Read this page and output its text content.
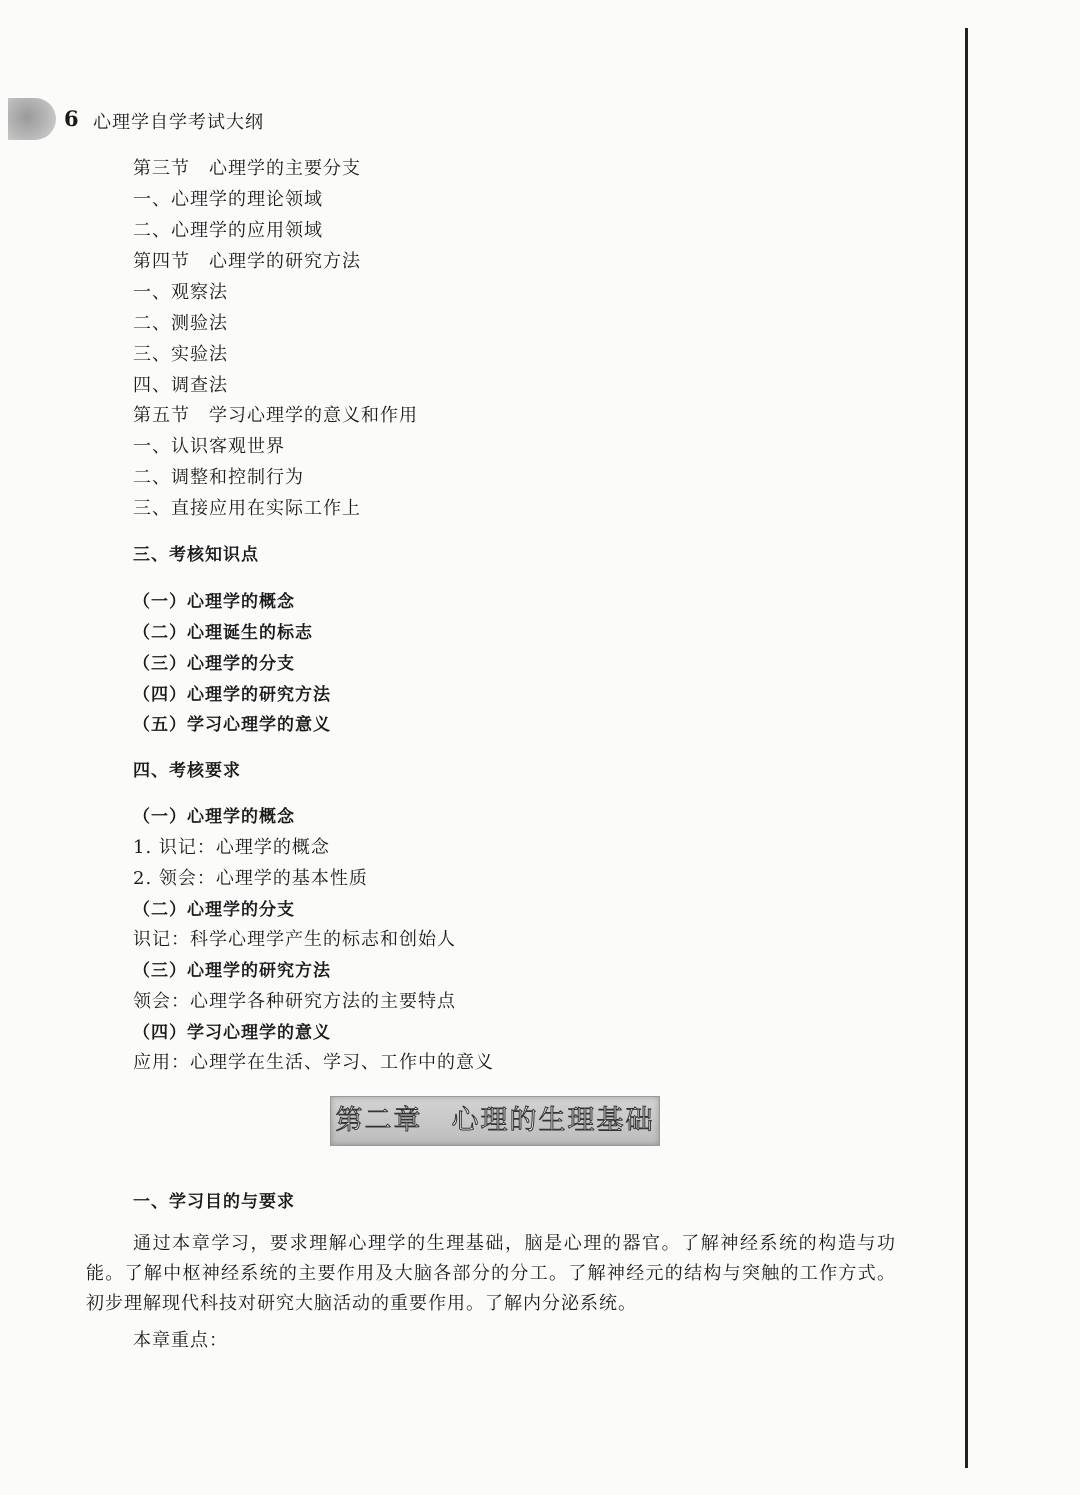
6 心理学自学考试大纲
第三节　心理学的主要分支
一、心理学的理论领域
二、心理学的应用领域
第四节　心理学的研究方法
一、观察法
二、测验法
三、实验法
四、调查法
第五节　学习心理学的意义和作用
一、认识客观世界
二、调整和控制行为
三、直接应用在实际工作上
三、考核知识点
（一）心理学的概念
（二）心理诞生的标志
（三）心理学的分支
（四）心理学的研究方法
（五）学习心理学的意义
四、考核要求
（一）心理学的概念
1. 识记：心理学的概念
2. 领会：心理学的基本性质
（二）心理学的分支
识记：科学心理学产生的标志和创始人
（三）心理学的研究方法
领会：心理学各种研究方法的主要特点
（四）学习心理学的意义
应用：心理学在生活、学习、工作中的意义
第二章　心理的生理基础
一、学习目的与要求
通过本章学习，要求理解心理学的生理基础，脑是心理的器官。了解神经系统的构造与功能。了解中枢神经系统的主要作用及大脑各部分的分工。了解神经元的结构与突触的工作方式。初步理解现代科技对研究大脑活动的重要作用。了解内分泌系统。
本章重点：
